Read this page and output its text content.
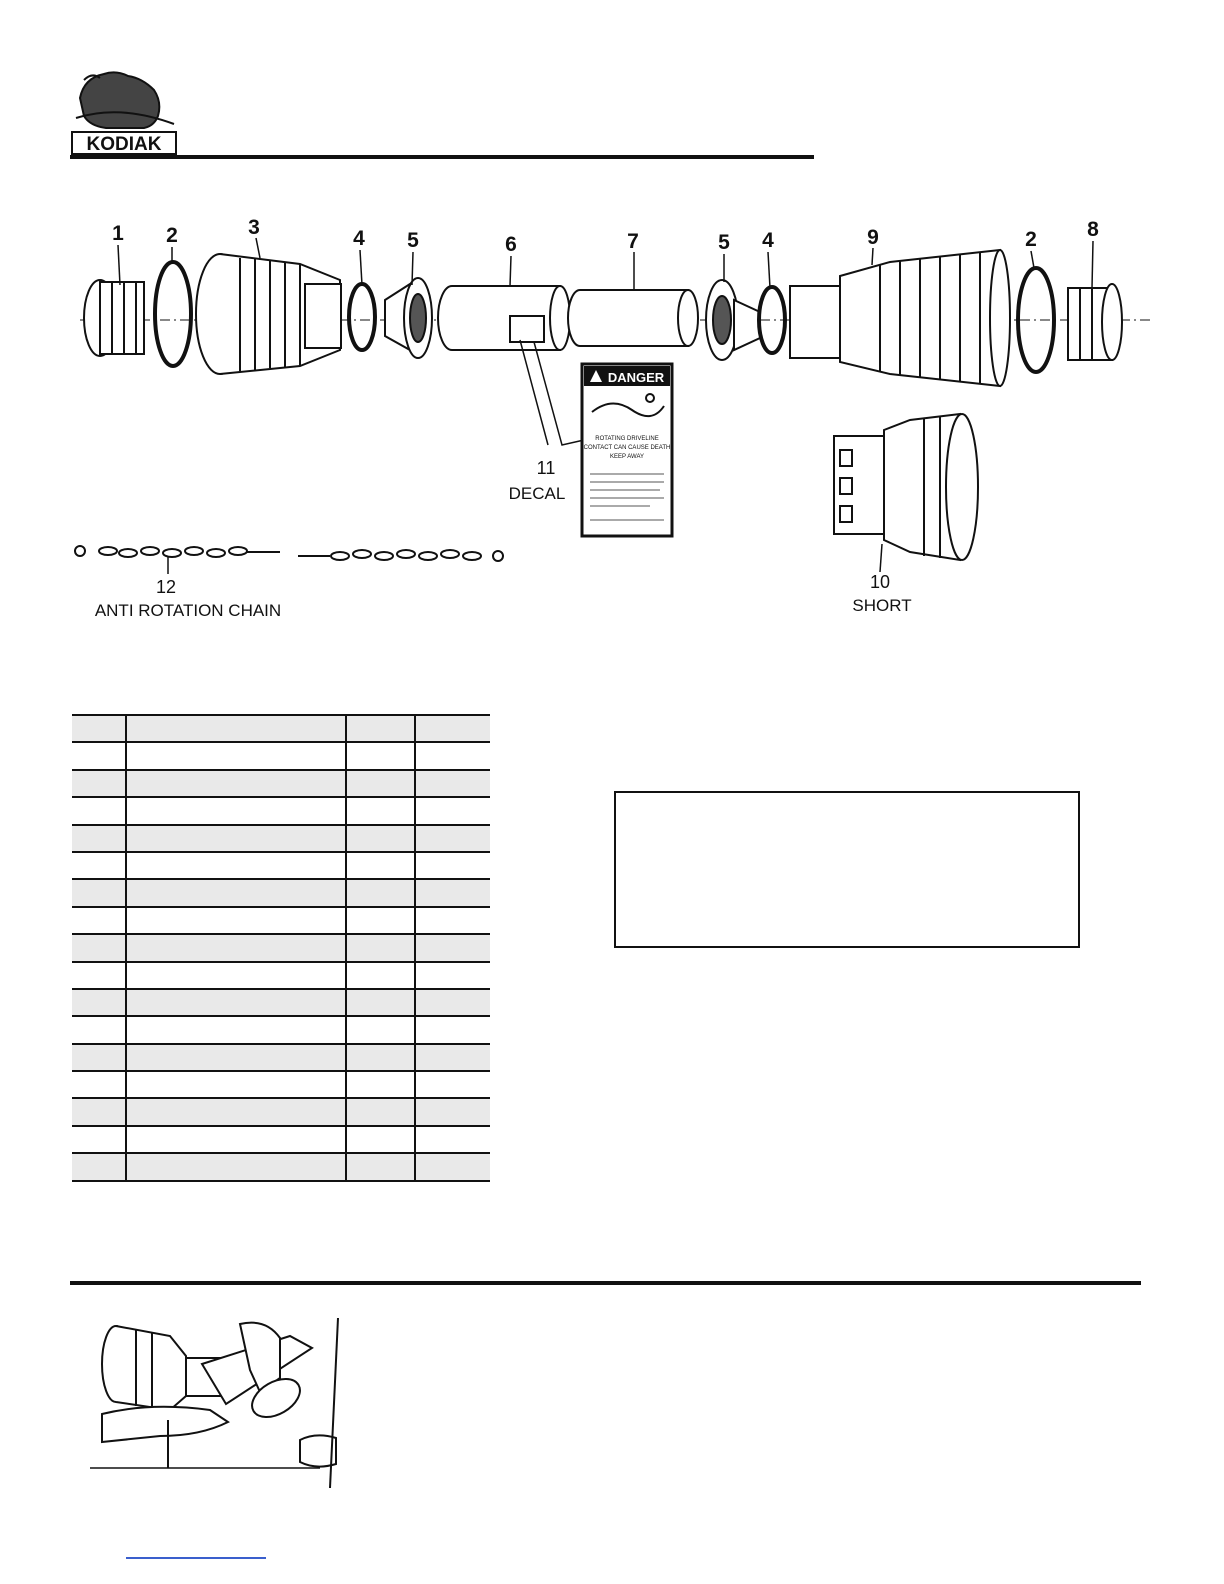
KODIAK
1 2	3	4 5	6	7	5 4	9	2 8
11
DECAL
DANGER
ROTATING DRIVELINE
CONTACT CAN CAUSE DEATH
KEEP AWAY
10
SHORT
12
ANTI ROTATION CHAIN
